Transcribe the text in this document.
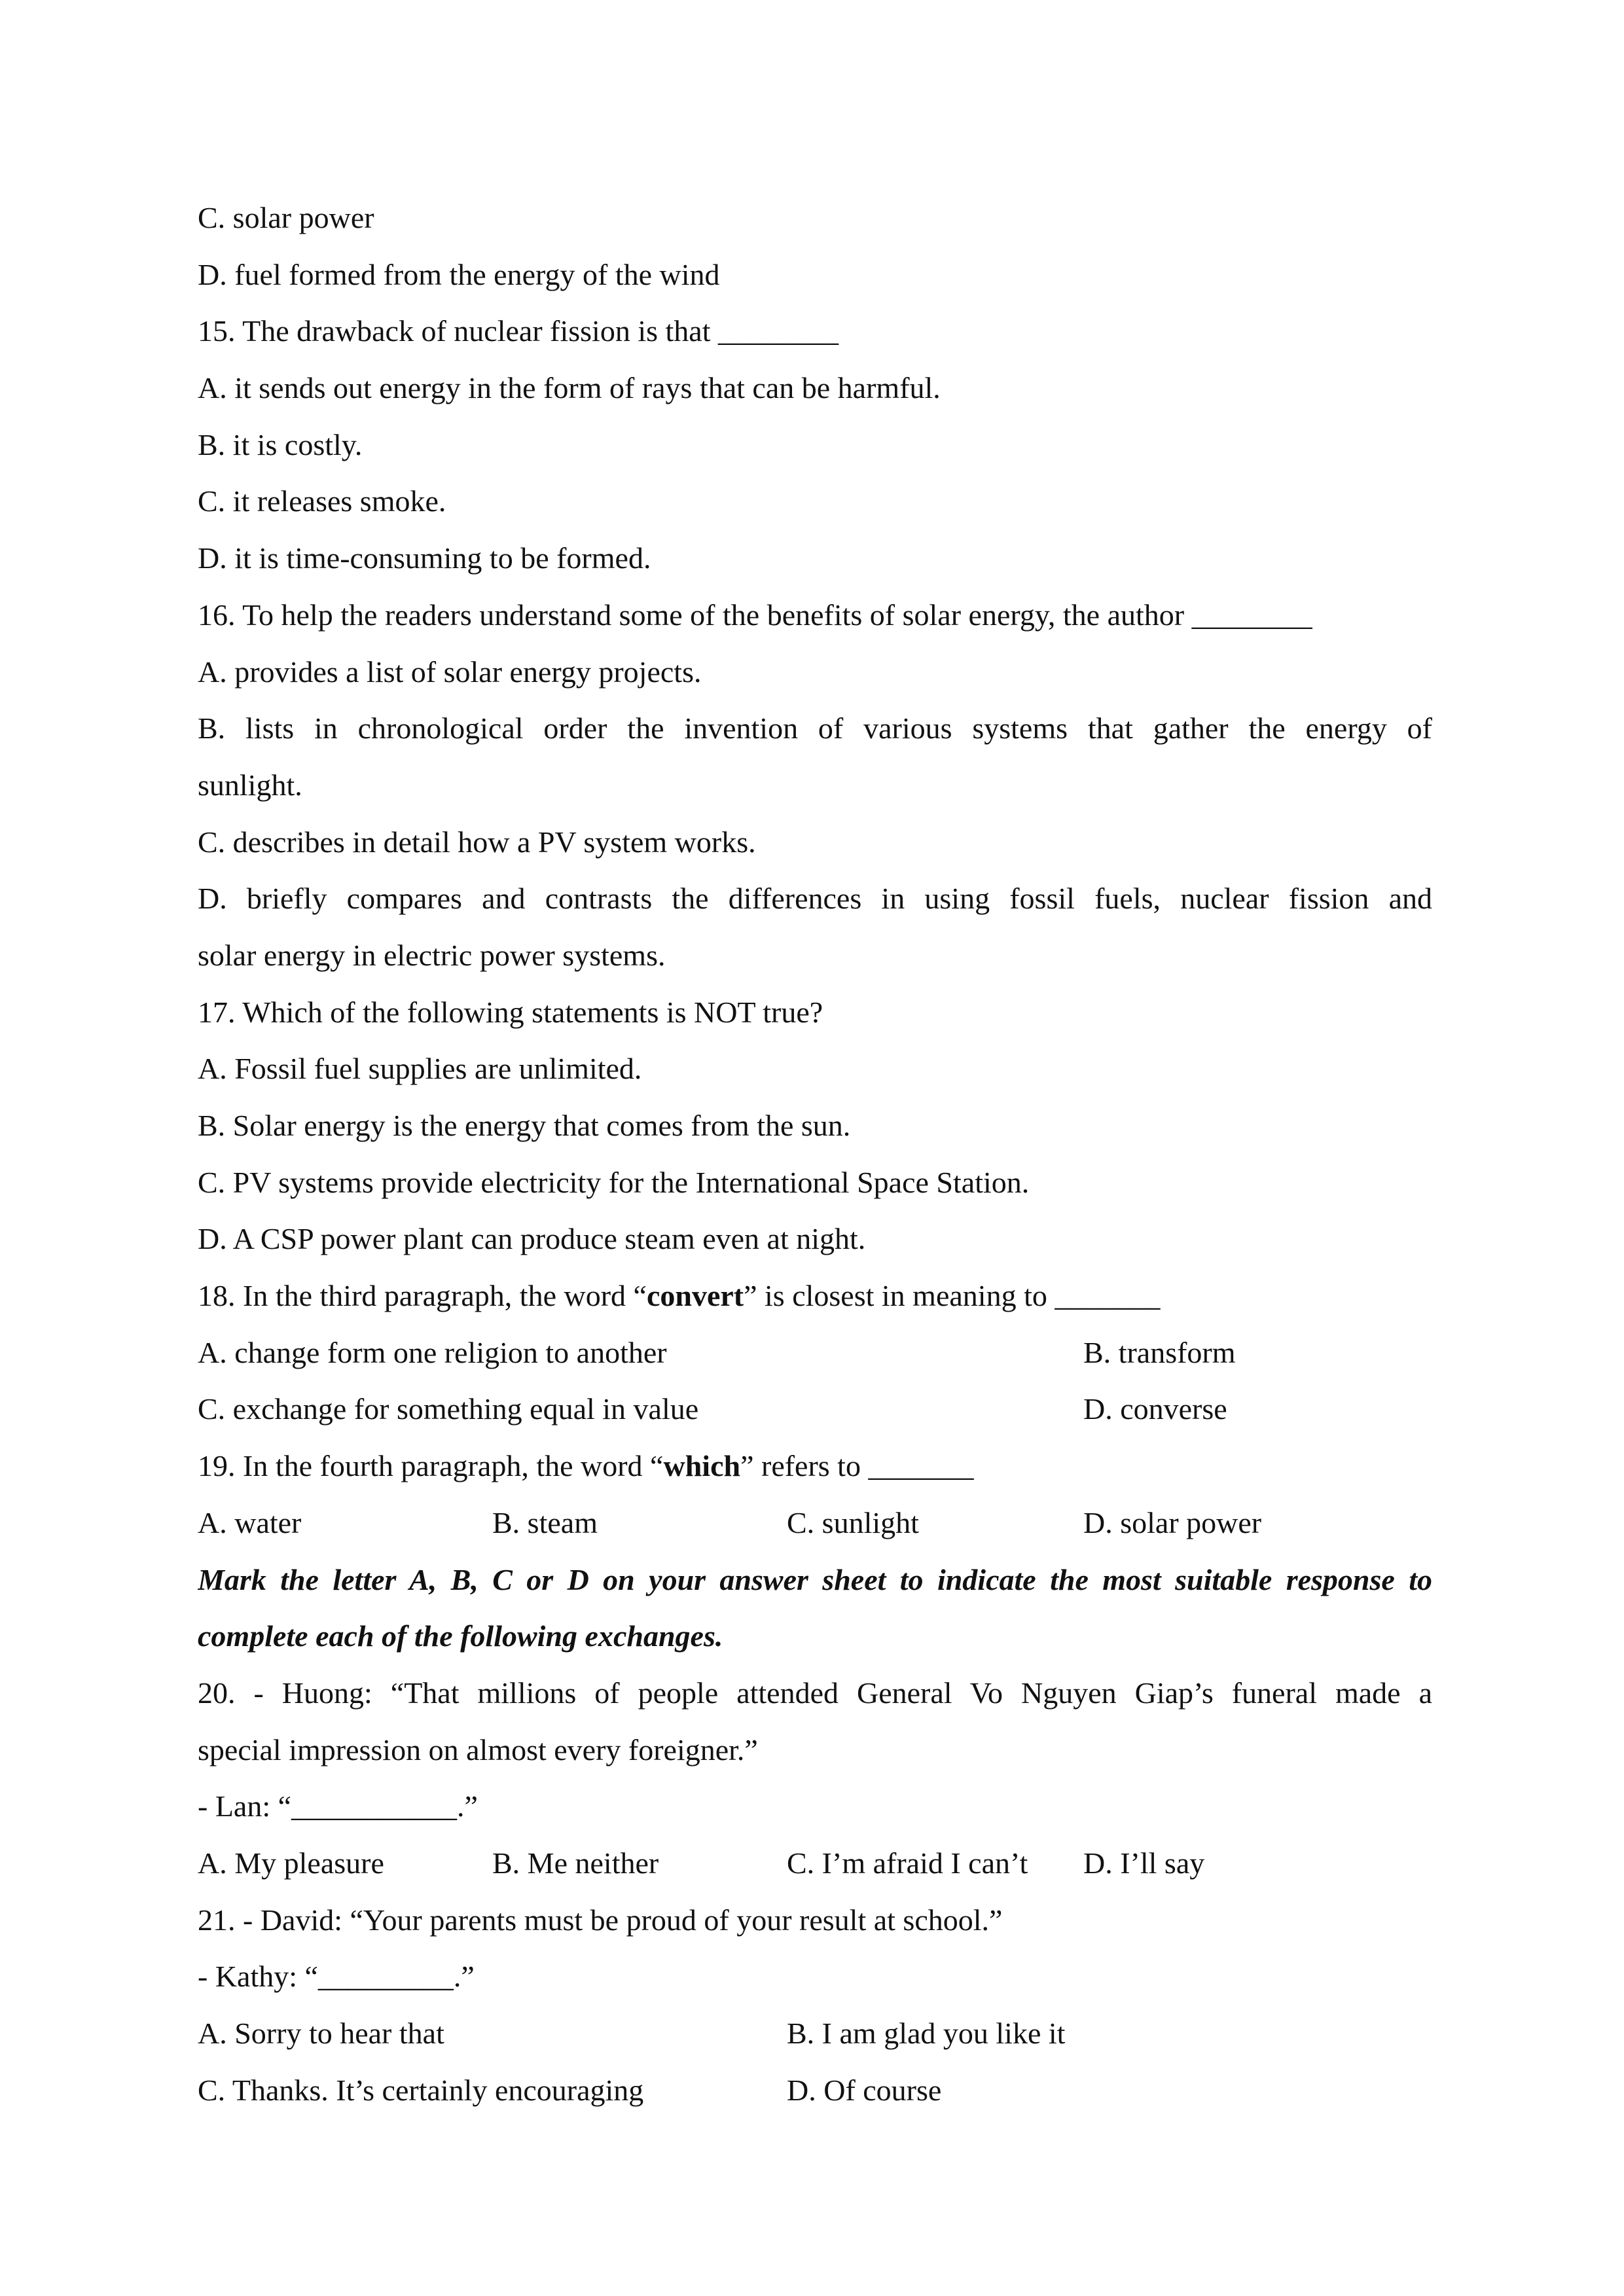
C. solar power
D. fuel formed from the energy of the wind
15. The drawback of nuclear fission is that ________
A. it sends out energy in the form of rays that can be harmful.
B. it is costly.
C. it releases smoke.
D. it is time-consuming to be formed.
16. To help the readers understand some of the benefits of solar energy, the author ________
A. provides a list of solar energy projects.
B. lists in chronological order the invention of various systems that gather the energy of
sunlight.
C. describes in detail how a PV system works.
D. briefly compares and contrasts the differences in using fossil fuels, nuclear fission and
solar energy in electric power systems.
17. Which of the following statements is NOT true?
A. Fossil fuel supplies are unlimited.
B. Solar energy is the energy that comes from the sun.
C. PV systems provide electricity for the International Space Station.
D. A CSP power plant can produce steam even at night.
18. In the third paragraph, the word “convert” is closest in meaning to _______
A. change form one religion to another	B. transform
C. exchange for something equal in value	D. converse
19. In the fourth paragraph, the word “which” refers to _______
A. water	B. steam	C. sunlight	D. solar power
Mark the letter A, B, C or D on your answer sheet to indicate the most suitable response to
complete each of the following exchanges.
20. - Huong: “That millions of people attended General Vo Nguyen Giap’s funeral made a
special impression on almost every foreigner.”
- Lan: “___________.”
A. My pleasure	B. Me neither	C. I’m afraid I can’t D. I’ll say
21. - David: “Your parents must be proud of your result at school.”
- Kathy: “_________.”
A. Sorry to hear that	B. I am glad you like it
C. Thanks. It’s certainly encouraging	D. Of course
